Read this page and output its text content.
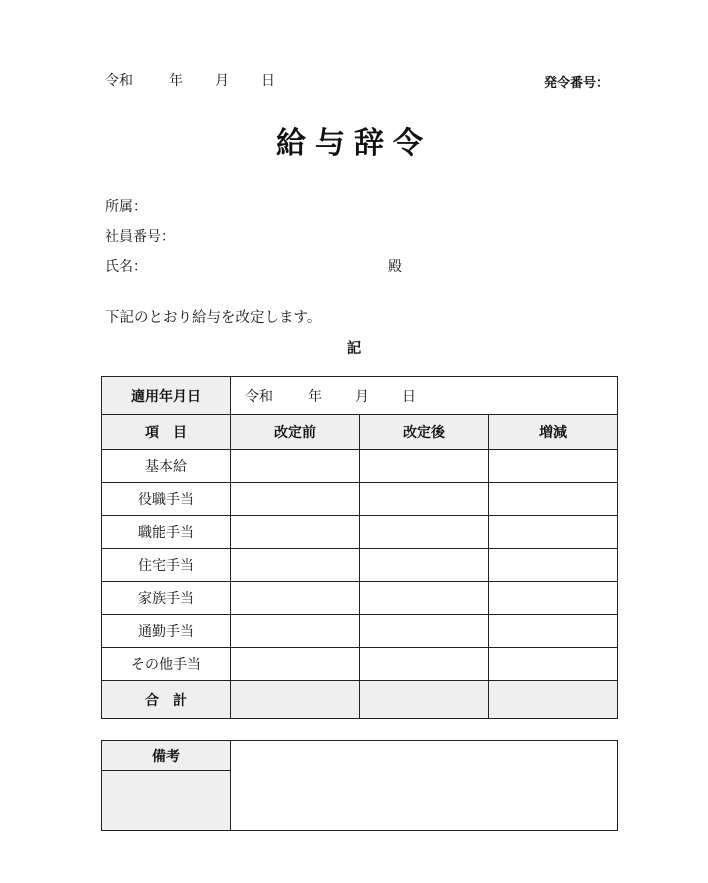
令和	年 月 日	発令番号：
給与辞令
所属：
社員番号：
氏名：	殿
下記のとおり給与を改定します。
記
適用年月日	令和 年 月 日		
項　目	改定前	改定後	増減
基本給			
役職手当			
職能手当			
住宅手当			
家族手当			
通勤手当			
その他手当			
合　計			
備考	
